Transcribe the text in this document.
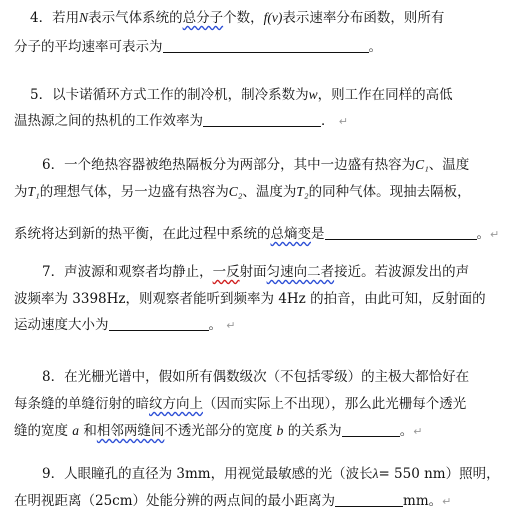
4．若用N表示气体系统的总分子个数，f(v)表示速率分布函数，则所有
分子的平均速率可表示为	。
5．以卡诺循环方式工作的制冷机，制冷系数为w，则工作在同样的高低
温热源之间的热机的工作效率为	． ↵
6．一个绝热容器被绝热隔板分为两部分，其中一边盛有热容为C₁、温度
为T₁的理想气体，另一边盛有热容为C₂、温度为T₂的同种气体。现抽去隔板，
系统将达到新的热平衡，在此过程中系统的总熵变是	。↵
7．声波源和观察者均静止，一反射面匀速向二者接近。若波源发出的声
波频率为 3398Hz，则观察者能听到频率为 4Hz 的拍音，由此可知，反射面的
运动速度大小为	。 ↵
8．在光栅光谱中，假如所有偶数级次（不包括零级）的主极大都恰好在
每条缝的单缝衍射的暗纹方向上（因而实际上不出现），那么此光栅每个透光
缝的宽度 a 和相邻两缝间不透光部分的宽度 b 的关系为	。↵
9．人眼瞳孔的直径为 3mm，用视觉最敏感的光（波长λ= 550 nm）照明，
在明视距离（25cm）处能分辨的两点间的最小距离为	mm。↵
